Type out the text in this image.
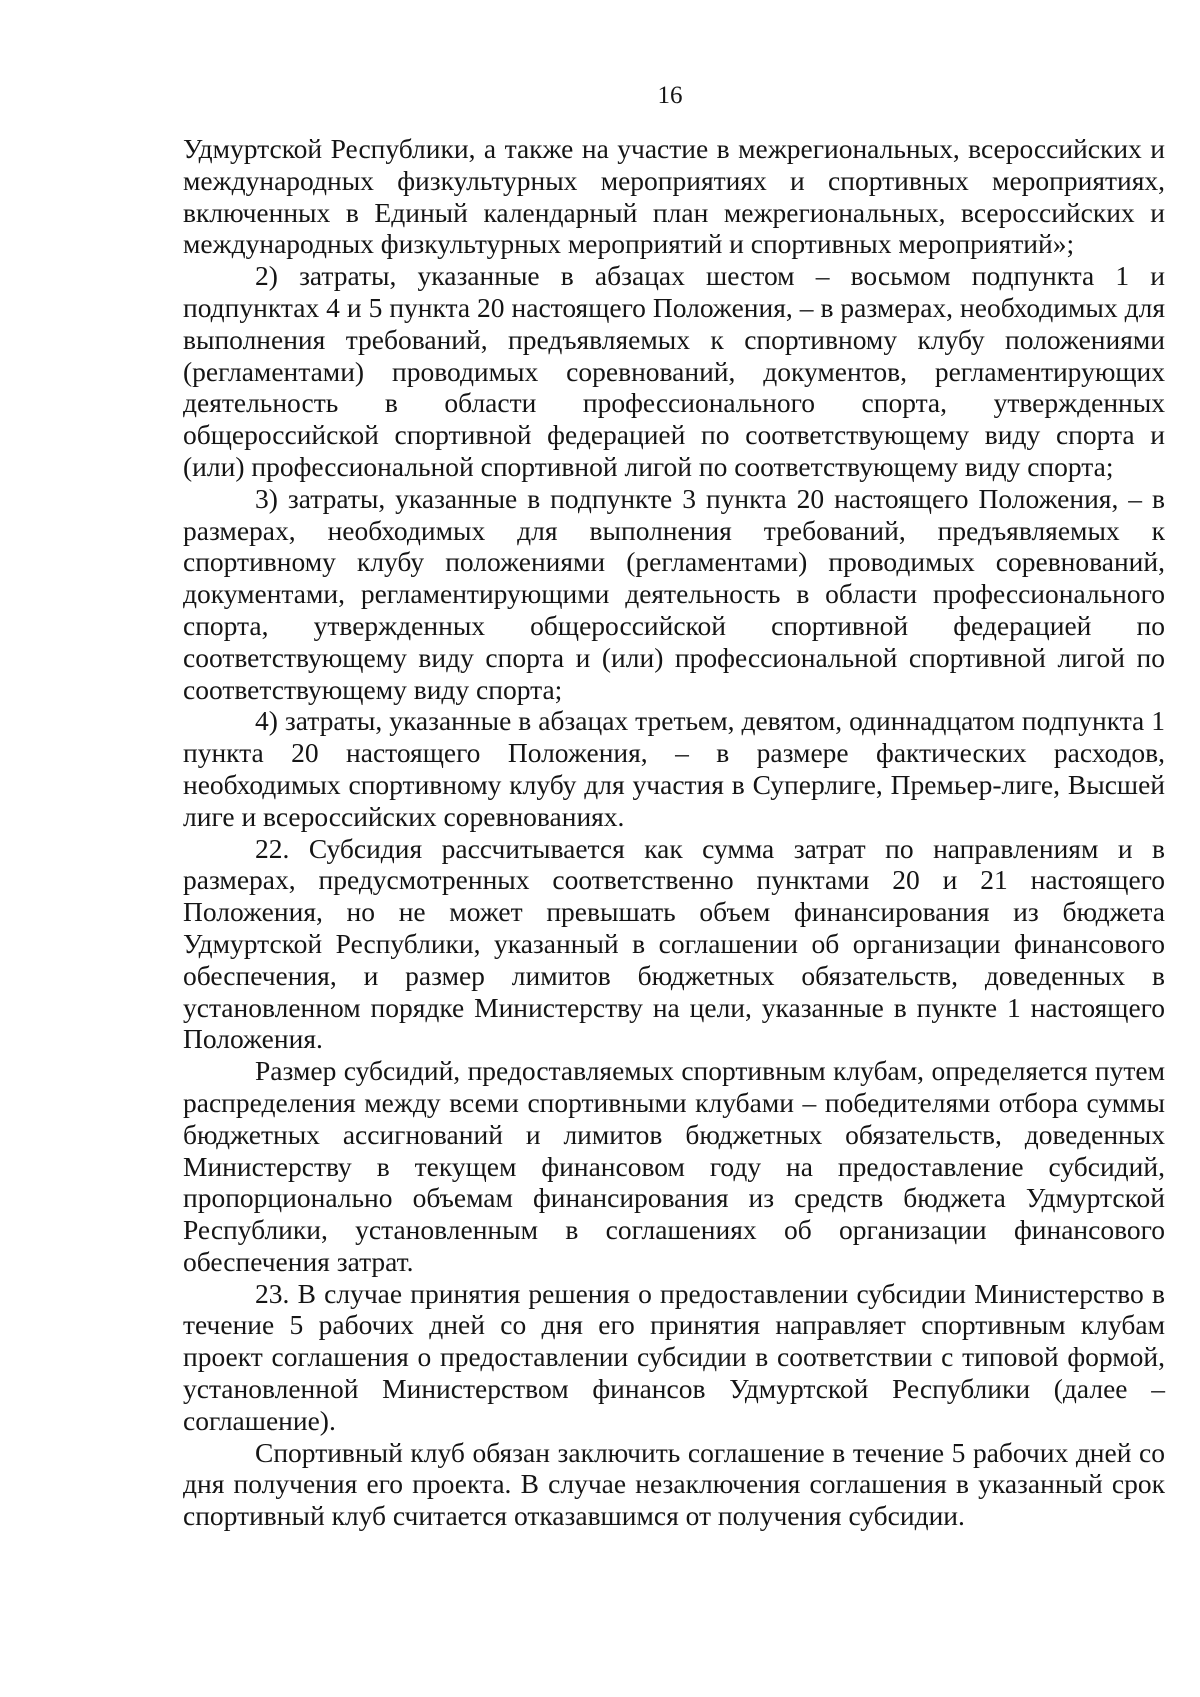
16

Удмуртской Республики, а также на участие в межрегиональных, всероссийских и международных физкультурных мероприятиях и спортивных мероприятиях, включенных в Единый календарный план межрегиональных, всероссийских и международных физкультурных мероприятий и спортивных мероприятий»;

2) затраты, указанные в абзацах шестом – восьмом подпункта 1 и подпунктах 4 и 5 пункта 20 настоящего Положения, – в размерах, необходимых для выполнения требований, предъявляемых к спортивному клубу положениями (регламентами) проводимых соревнований, документов, регламентирующих деятельность в области профессионального спорта, утвержденных общероссийской спортивной федерацией по соответствующему виду спорта и (или) профессиональной спортивной лигой по соответствующему виду спорта;

3) затраты, указанные в подпункте 3 пункта 20 настоящего Положения, – в размерах, необходимых для выполнения требований, предъявляемых к спортивному клубу положениями (регламентами) проводимых соревнований, документами, регламентирующими деятельность в области профессионального спорта, утвержденных общероссийской спортивной федерацией по соответствующему виду спорта и (или) профессиональной спортивной лигой по соответствующему виду спорта;

4) затраты, указанные в абзацах третьем, девятом, одиннадцатом подпункта 1 пункта 20 настоящего Положения, – в размере фактических расходов, необходимых спортивному клубу для участия в Суперлиге, Премьер-лиге, Высшей лиге и всероссийских соревнованиях.

22. Субсидия рассчитывается как сумма затрат по направлениям и в размерах, предусмотренных соответственно пунктами 20 и 21 настоящего Положения, но не может превышать объем финансирования из бюджета Удмуртской Республики, указанный в соглашении об организации финансового обеспечения, и размер лимитов бюджетных обязательств, доведенных в установленном порядке Министерству на цели, указанные в пункте 1 настоящего Положения.

Размер субсидий, предоставляемых спортивным клубам, определяется путем распределения между всеми спортивными клубами – победителями отбора суммы бюджетных ассигнований и лимитов бюджетных обязательств, доведенных Министерству в текущем финансовом году на предоставление субсидий, пропорционально объемам финансирования из средств бюджета Удмуртской Республики, установленным в соглашениях об организации финансового обеспечения затрат.

23. В случае принятия решения о предоставлении субсидии Министерство в течение 5 рабочих дней со дня его принятия направляет спортивным клубам проект соглашения о предоставлении субсидии в соответствии с типовой формой, установленной Министерством финансов Удмуртской Республики (далее – соглашение).

Спортивный клуб обязан заключить соглашение в течение 5 рабочих дней со дня получения его проекта. В случае незаключения соглашения в указанный срок спортивный клуб считается отказавшимся от получения субсидии.
